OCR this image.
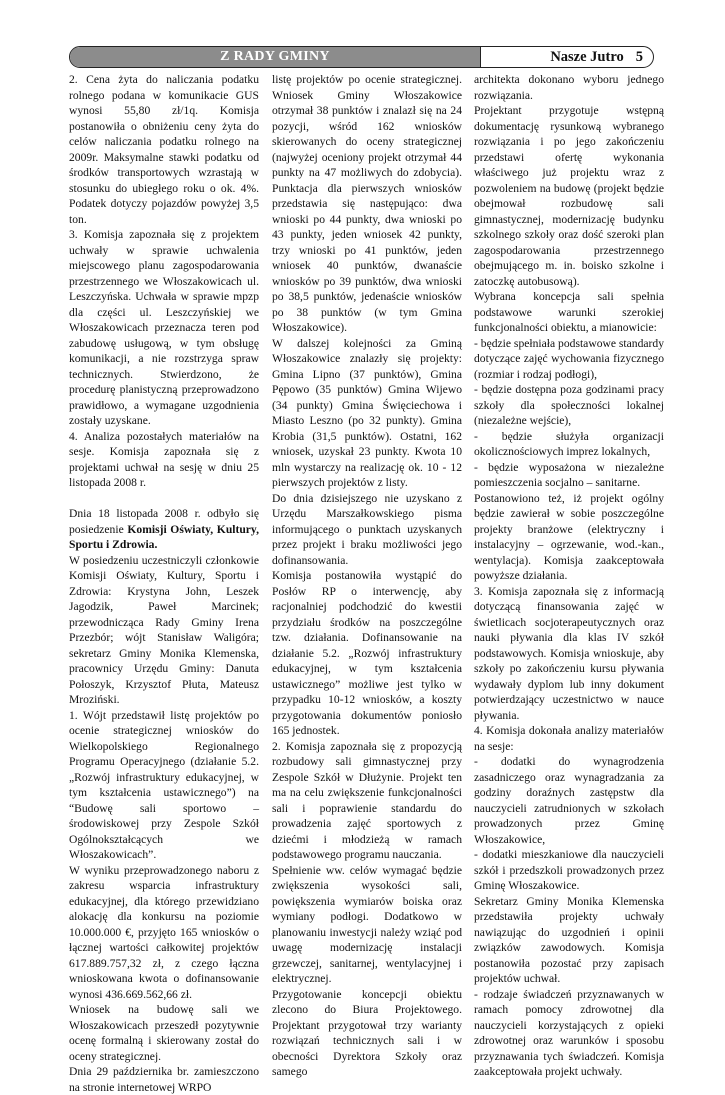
Z RADY GMINY	Nasze Jutro 5

2. Cena żyta do naliczania podatku rolnego podana w komunikacie GUS wynosi 55,80 zł/1q. Komisja postanowiła o obniżeniu ceny żyta do celów naliczania podatku rolnego na 2009r. Maksymalne stawki podatku od środków transportowych wzrastają w stosunku do ubiegłego roku o ok. 4%. Podatek dotyczy pojazdów powyżej 3,5 ton.

3. Komisja zapoznała się z projektem uchwały w sprawie uchwalenia miejscowego planu zagospodarowania przestrzennego we Włoszakowicach ul. Leszczyńska. Uchwała w sprawie mpzp dla części ul. Leszczyńskiej we Włoszakowicach przeznacza teren pod zabudowę usługową, w tym obsługę komunikacji, a nie rozstrzyga spraw technicznych. Stwierdzono, że procedurę planistyczną przeprowadzono prawidłowo, a wymagane uzgodnienia zostały uzyskane.

4. Analiza pozostałych materiałów na sesje. Komisja zapoznała się z projektami uchwał na sesję w dniu 25 listopada 2008 r.

Dnia 18 listopada 2008 r. odbyło się posiedzenie Komisji Oświaty, Kultury, Sportu i Zdrowia.

W posiedzeniu uczestniczyli członkowie Komisji Oświaty, Kultury, Sportu i Zdrowia: Krystyna John, Leszek Jagodzik, Paweł Marcinek; przewodnicząca Rady Gminy Irena Przezbór; wójt Stanisław Waligóra; sekretarz Gminy Monika Klemenska, pracownicy Urzędu Gminy: Danuta Połoszyk, Krzysztof Płuta, Mateusz Mroziński.

1. Wójt przedstawił listę projektów po ocenie strategicznej wniosków do Wielkopolskiego Regionalnego Programu Operacyjnego (działanie 5.2. „Rozwój infrastruktury edukacyjnej, w tym kształcenia ustawicznego”) na “Budowę sali sportowo – środowiskowej przy Zespole Szkół Ogólnokształcących we Włoszakowicach”.

W wyniku przeprowadzonego naboru z zakresu wsparcia infrastruktury edukacyjnej, dla którego przewidziano alokację dla konkursu na poziomie 10.000.000 €, przyjęto 165 wniosków o łącznej wartości całkowitej projektów 617.889.757,32 zł, z czego łączna wnioskowana kwota o dofinansowanie wynosi 436.669.562,66 zł.

Wniosek na budowę sali we Włoszakowicach przeszedł pozytywnie ocenę formalną i skierowany został do oceny strategicznej.

Dnia 29 października br. zamieszczono na stronie internetowej WRPO

listę projektów po ocenie strategicznej. Wniosek Gminy Włoszakowice otrzymał 38 punktów i znalazł się na 24 pozycji, wśród 162 wniosków skierowanych do oceny strategicznej (najwyżej oceniony projekt otrzymał 44 punkty na 47 możliwych do zdobycia). Punktacja dla pierwszych wniosków przedstawia się następująco: dwa wnioski po 44 punkty, dwa wnioski po 43 punkty, jeden wniosek 42 punkty, trzy wnioski po 41 punktów, jeden wniosek 40 punktów, dwanaście wniosków po 39 punktów, dwa wnioski po 38,5 punktów, jedenaście wniosków po 38 punktów (w tym Gmina Włoszakowice).

W dalszej kolejności za Gminą Włoszakowice znalazły się projekty: Gmina Lipno (37 punktów), Gmina Pępowo (35 punktów) Gmina Wijewo (34 punkty) Gmina Święciechowa i Miasto Leszno (po 32 punkty). Gmina Krobia (31,5 punktów). Ostatni, 162 wniosek, uzyskał 23 punkty. Kwota 10 mln wystarczy na realizację ok. 10 - 12 pierwszych projektów z listy.

Do dnia dzisiejszego nie uzyskano z Urzędu Marszałkowskiego pisma informującego o punktach uzyskanych przez projekt i braku możliwości jego dofinansowania.

Komisja postanowiła wystąpić do Posłów RP o interwencję, aby racjonalniej podchodzić do kwestii przydziału środków na poszczególne tzw. działania. Dofinansowanie na działanie 5.2. „Rozwój infrastruktury edukacyjnej, w tym kształcenia ustawicznego” możliwe jest tylko w przypadku 10-12 wniosków, a koszty przygotowania dokumentów poniosło 165 jednostek.

2. Komisja zapoznała się z propozycją rozbudowy sali gimnastycznej przy Zespole Szkół w Dłużynie. Projekt ten ma na celu zwiększenie funkcjonalności sali i poprawienie standardu do prowadzenia zajęć sportowych z dziećmi i młodzieżą w ramach podstawowego programu nauczania.

Spełnienie ww. celów wymagać będzie zwiększenia wysokości sali, powiększenia wymiarów boiska oraz wymiany podłogi. Dodatkowo w planowaniu inwestycji należy wziąć pod uwagę modernizację instalacji grzewczej, sanitarnej, wentylacyjnej i elektrycznej.

Przygotowanie koncepcji obiektu zlecono do Biura Projektowego. Projektant przygotował trzy warianty rozwiązań technicznych sali i w obecności Dyrektora Szkoły oraz samego

architekta dokonano wyboru jednego rozwiązania.

Projektant przygotuje wstępną dokumentację rysunkową wybranego rozwiązania i po jego zakończeniu przedstawi ofertę wykonania właściwego już projektu wraz z pozwoleniem na budowę (projekt będzie obejmował rozbudowę sali gimnastycznej, modernizację budynku szkolnego szkoły oraz dość szeroki plan zagospodarowania przestrzennego obejmującego m. in. boisko szkolne i zatoczkę autobusową).

Wybrana koncepcja sali spełnia podstawowe warunki szerokiej funkcjonalności obiektu, a mianowicie:

- będzie spełniała podstawowe standardy dotyczące zajęć wychowania fizycznego (rozmiar i rodzaj podłogi),

- będzie dostępna poza godzinami pracy szkoły dla społeczności lokalnej (niezależne wejście),

- będzie służyła organizacji okolicznościowych imprez lokalnych,

- będzie wyposażona w niezależne pomieszczenia socjalno – sanitarne.

Postanowiono też, iż projekt ogólny będzie zawierał w sobie poszczególne projekty branżowe (elektryczny i instalacyjny – ogrzewanie, wod.-kan., wentylacja). Komisja zaakceptowała powyższe działania.

3. Komisja zapoznała się z informacją dotyczącą finansowania zajęć w świetlicach socjoterapeutycznych oraz nauki pływania dla klas IV szkół podstawowych. Komisja wnioskuje, aby szkoły po zakończeniu kursu pływania wydawały dyplom lub inny dokument potwierdzający uczestnictwo w nauce pływania.

4. Komisja dokonała analizy materiałów na sesje:

- dodatki do wynagrodzenia zasadniczego oraz wynagradzania za godziny doraźnych zastępstw dla nauczycieli zatrudnionych w szkołach prowadzonych przez Gminę Włoszakowice,

- dodatki mieszkaniowe dla nauczycieli szkół i przedszkoli prowadzonych przez Gminę Włoszakowice.

Sekretarz Gminy Monika Klemenska przedstawiła projekty uchwały nawiązując do uzgodnień i opinii związków zawodowych. Komisja postanowiła pozostać przy zapisach projektów uchwał.

- rodzaje świadczeń przyznawanych w ramach pomocy zdrowotnej dla nauczycieli korzystających z opieki zdrowotnej oraz warunków i sposobu przyznawania tych świadczeń. Komisja zaakceptowała projekt uchwały.
